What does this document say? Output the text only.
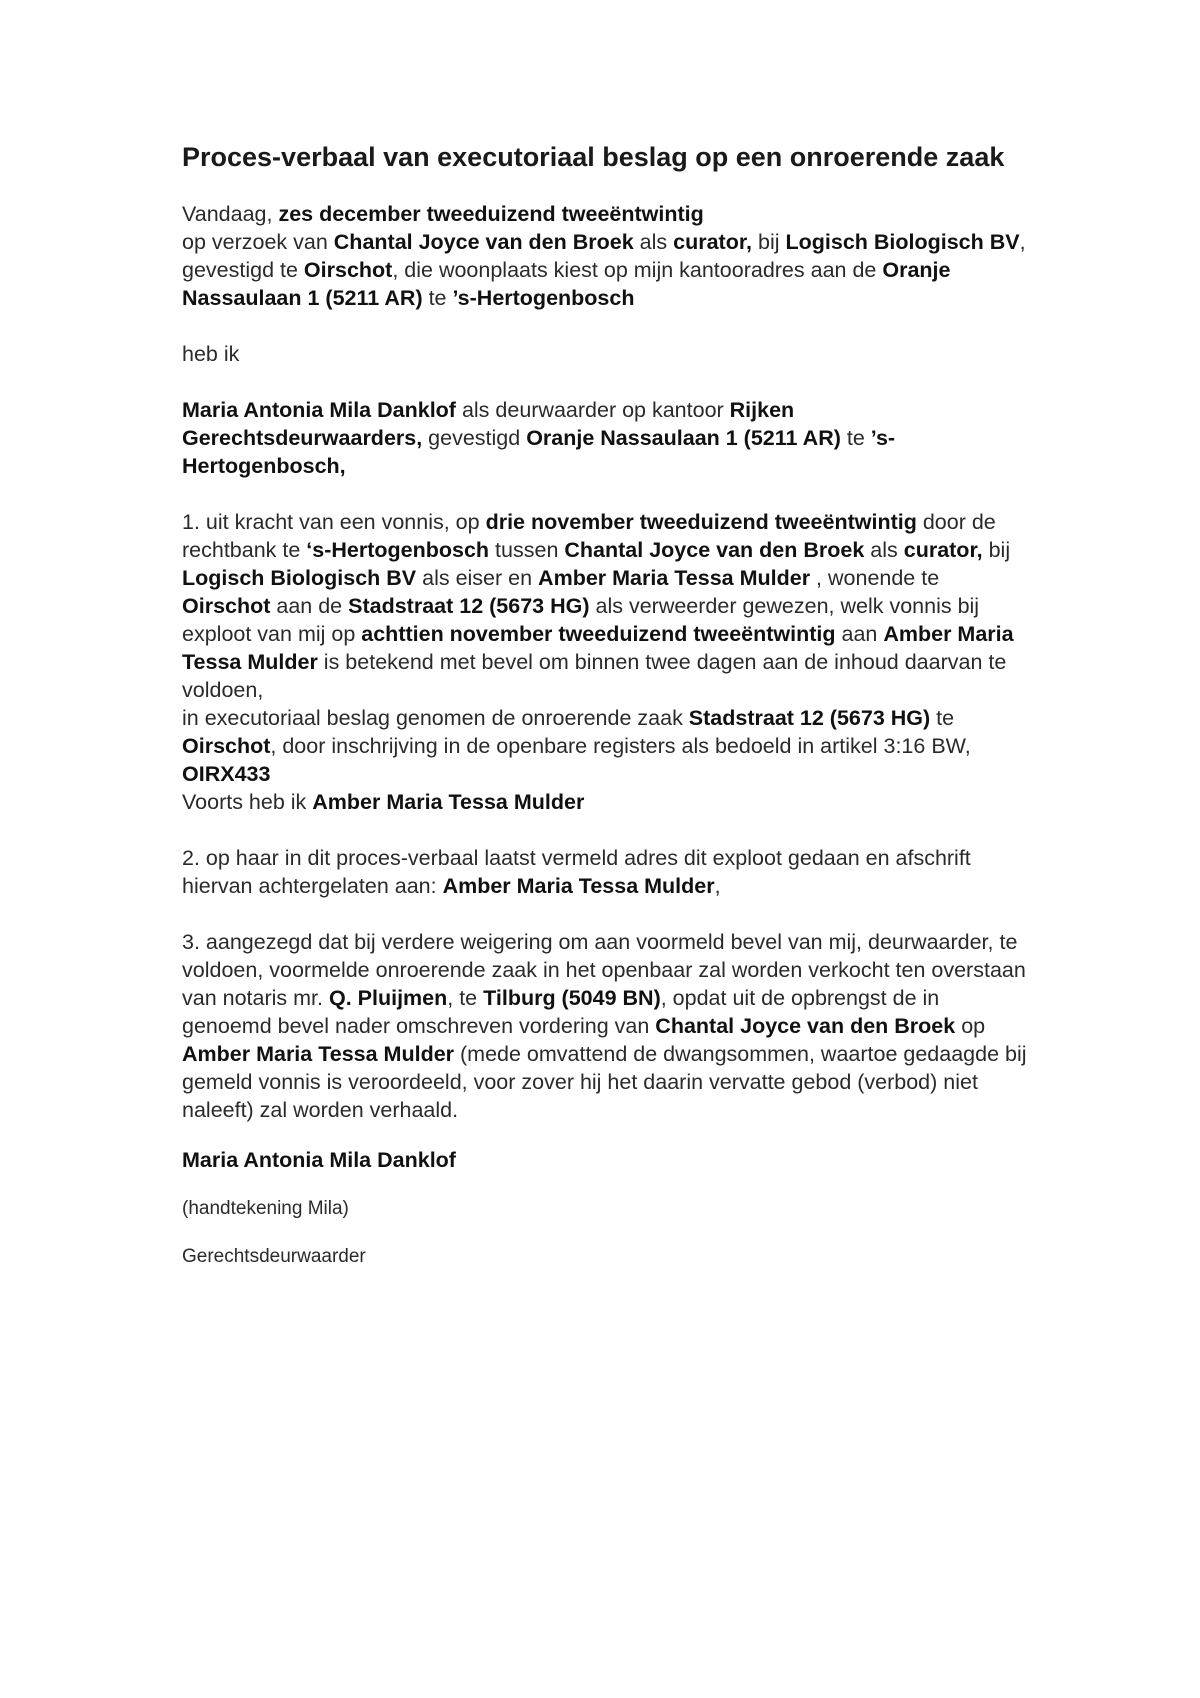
Proces-verbaal van executoriaal beslag op een onroerende zaak

Vandaag, zes december tweeduizend tweeëntwintig
op verzoek van Chantal Joyce van den Broek als curator, bij Logisch Biologisch BV, gevestigd te Oirschot, die woonplaats kiest op mijn kantooradres aan de Oranje Nassaulaan 1 (5211 AR) te ’s-Hertogenbosch

heb ik

Maria Antonia Mila Danklof als deurwaarder op kantoor Rijken Gerechtsdeurwaarders, gevestigd Oranje Nassaulaan 1 (5211 AR) te ’s-Hertogenbosch,

1. uit kracht van een vonnis, op drie november tweeduizend tweeëntwintig door de rechtbank te ‘s-Hertogenbosch tussen Chantal Joyce van den Broek als curator, bij Logisch Biologisch BV als eiser en Amber Maria Tessa Mulder , wonende te Oirschot aan de Stadstraat 12 (5673 HG) als verweerder gewezen, welk vonnis bij exploot van mij op achttien november tweeduizend tweeëntwintig aan Amber Maria Tessa Mulder is betekend met bevel om binnen twee dagen aan de inhoud daarvan te voldoen,
in executoriaal beslag genomen de onroerende zaak Stadstraat 12 (5673 HG) te Oirschot, door inschrijving in de openbare registers als bedoeld in artikel 3:16 BW, OIRX433
Voorts heb ik Amber Maria Tessa Mulder

2. op haar in dit proces-verbaal laatst vermeld adres dit exploot gedaan en afschrift hiervan achtergelaten aan: Amber Maria Tessa Mulder,

3. aangezegd dat bij verdere weigering om aan voormeld bevel van mij, deurwaarder, te voldoen, voormelde onroerende zaak in het openbaar zal worden verkocht ten overstaan van notaris mr. Q. Pluijmen, te Tilburg (5049 BN), opdat uit de opbrengst de in genoemd bevel nader omschreven vordering van Chantal Joyce van den Broek op Amber Maria Tessa Mulder (mede omvattend de dwangsommen, waartoe gedaagde bij gemeld vonnis is veroordeeld, voor zover hij het daarin vervatte gebod (verbod) niet naleeft) zal worden verhaald.

Maria Antonia Mila Danklof

(handtekening Mila)

Gerechtsdeurwaarder
